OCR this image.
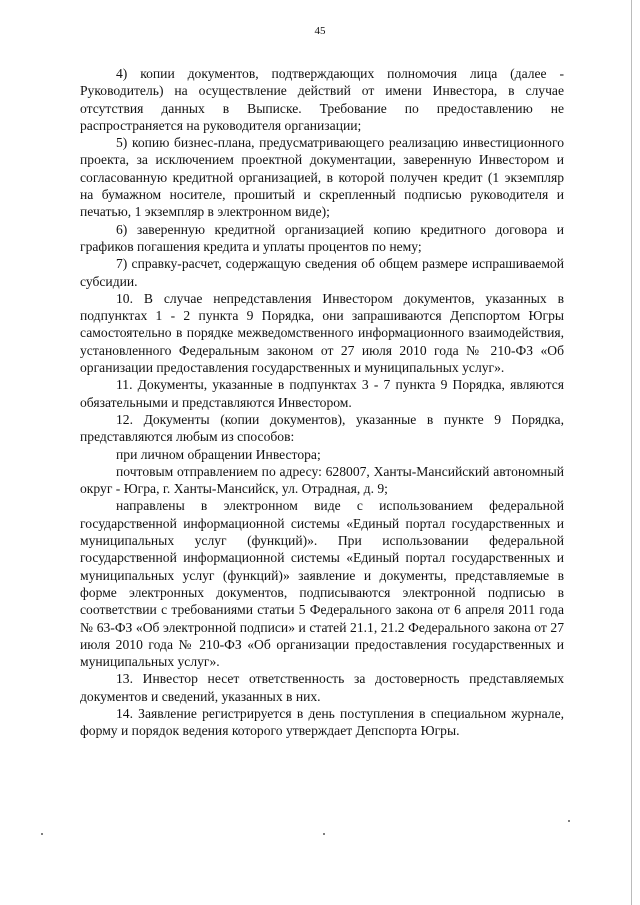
45

4) копии документов, подтверждающих полномочия лица (далее - Руководитель) на осуществление действий от имени Инвестора, в случае отсутствия данных в Выписке. Требование по предоставлению не распространяется на руководителя организации;

5) копию бизнес-плана, предусматривающего реализацию инвестиционного проекта, за исключением проектной документации, заверенную Инвестором и согласованную кредитной организацией, в которой получен кредит (1 экземпляр на бумажном носителе, прошитый и скрепленный подписью руководителя и печатью, 1 экземпляр в электронном виде);

6) заверенную кредитной организацией копию кредитного договора и графиков погашения кредита и уплаты процентов по нему;

7) справку-расчет, содержащую сведения об общем размере испрашиваемой субсидии.

10. В случае непредставления Инвестором документов, указанных в подпунктах 1 - 2 пункта 9 Порядка, они запрашиваются Депспортом Югры самостоятельно в порядке межведомственного информационного взаимодействия, установленного Федеральным законом от 27 июля 2010 года № 210-ФЗ «Об организации предоставления государственных и муниципальных услуг».

11. Документы, указанные в подпунктах 3 - 7 пункта 9 Порядка, являются обязательными и представляются Инвестором.

12. Документы (копии документов), указанные в пункте 9 Порядка, представляются любым из способов:

при личном обращении Инвестора;

почтовым отправлением по адресу: 628007, Ханты-Мансийский автономный округ - Югра, г. Ханты-Мансийск, ул. Отрадная, д. 9;

направлены в электронном виде с использованием федеральной государственной информационной системы «Единый портал государственных и муниципальных услуг (функций)». При использовании федеральной государственной информационной системы «Единый портал государственных и муниципальных услуг (функций)» заявление и документы, представляемые в форме электронных документов, подписываются электронной подписью в соответствии с требованиями статьи 5 Федерального закона от 6 апреля 2011 года № 63-ФЗ «Об электронной подписи» и статей 21.1, 21.2 Федерального закона от 27 июля 2010 года № 210-ФЗ «Об организации предоставления государственных и муниципальных услуг».

13. Инвестор несет ответственность за достоверность представляемых документов и сведений, указанных в них.

14. Заявление регистрируется в день поступления в специальном журнале, форму и порядок ведения которого утверждает Депспорта Югры.
